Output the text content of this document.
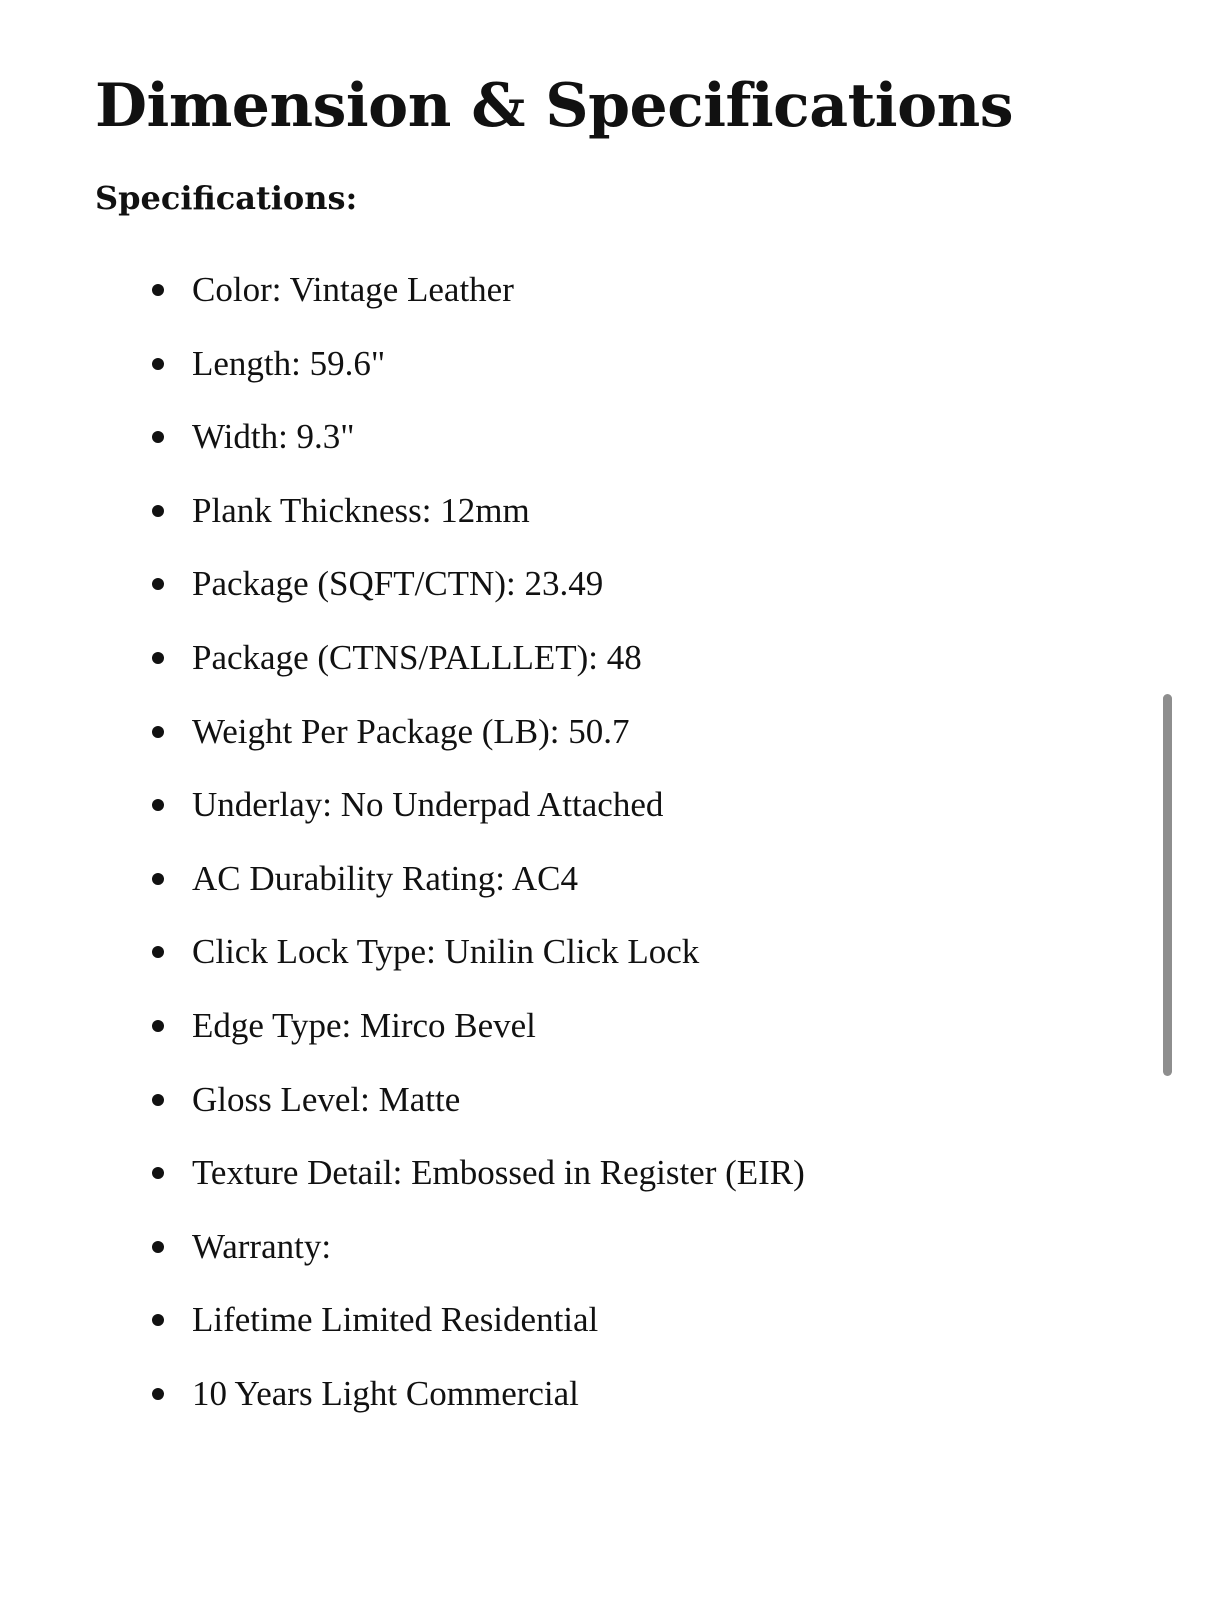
Dimension & Specifications
Specifications:
Color: Vintage Leather
Length: 59.6"
Width: 9.3"
Plank Thickness: 12mm
Package (SQFT/CTN): 23.49
Package (CTNS/PALLLET): 48
Weight Per Package (LB): 50.7
Underlay: No Underpad Attached
AC Durability Rating: AC4
Click Lock Type: Unilin Click Lock
Edge Type: Mirco Bevel
Gloss Level: Matte
Texture Detail: Embossed in Register (EIR)
Warranty:
Lifetime Limited Residential
10 Years Light Commercial
